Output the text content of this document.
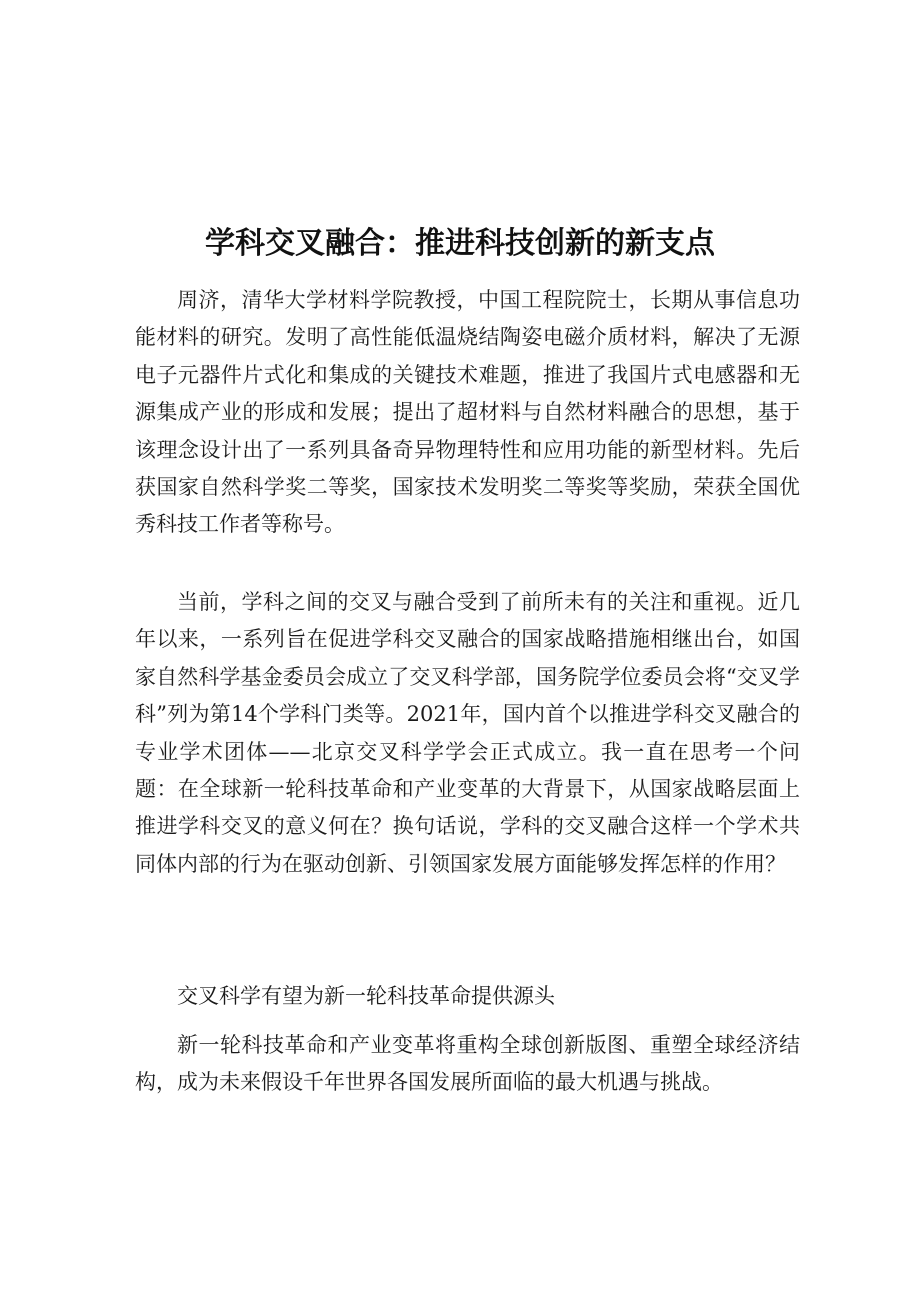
学科交叉融合：推进科技创新的新支点

周济，清华大学材料学院教授，中国工程院院士，长期从事信息功能材料的研究。发明了高性能低温烧结陶姿电磁介质材料，解决了无源电子元器件片式化和集成的关键技术难题，推进了我国片式电感器和无源集成产业的形成和发展；提出了超材料与自然材料融合的思想，基于该理念设计出了一系列具备奇异物理特性和应用功能的新型材料。先后获国家自然科学奖二等奖，国家技术发明奖二等奖等奖励，荣获全国优秀科技工作者等称号。

当前，学科之间的交叉与融合受到了前所未有的关注和重视。近几年以来，一系列旨在促进学科交叉融合的国家战略措施相继出台，如国家自然科学基金委员会成立了交叉科学部，国务院学位委员会将“交叉学科”列为第14个学科门类等。2021年，国内首个以推进学科交叉融合的专业学术团体——北京交叉科学学会正式成立。我一直在思考一个问题：在全球新一轮科技革命和产业变革的大背景下，从国家战略层面上推进学科交叉的意义何在？换句话说，学科的交叉融合这样一个学术共同体内部的行为在驱动创新、引领国家发展方面能够发挥怎样的作用？

交叉科学有望为新一轮科技革命提供源头

新一轮科技革命和产业变革将重构全球创新版图、重塑全球经济结构，成为未来假设千年世界各国发展所面临的最大机遇与挑战。
